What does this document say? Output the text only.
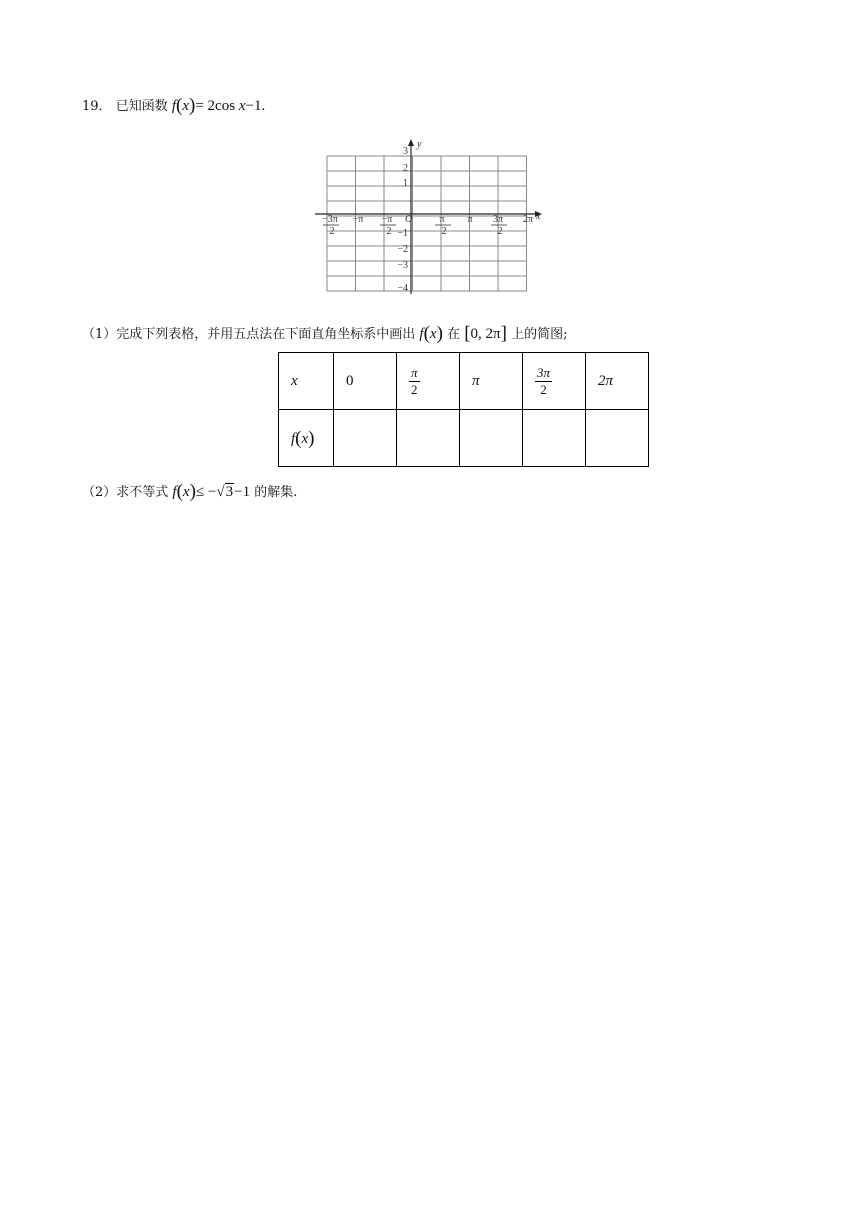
19． 已知函数 f(x)= 2cos x−1.
y
x
O
3
2
1
−1
−2
−3
−4
−3π
2
−π −π
2
π
2
π 3π
2
2π
（1）完成下列表格，并用五点法在下面直角坐标系中画出 f(x) 在 [0, 2π] 上的简图;
x	0	$\frac{\pi}{2}$	π	$\frac{3\pi}{2}$	2π
f(x)					
（2）求不等式 f(x)≤ −√3−1 的解集.
